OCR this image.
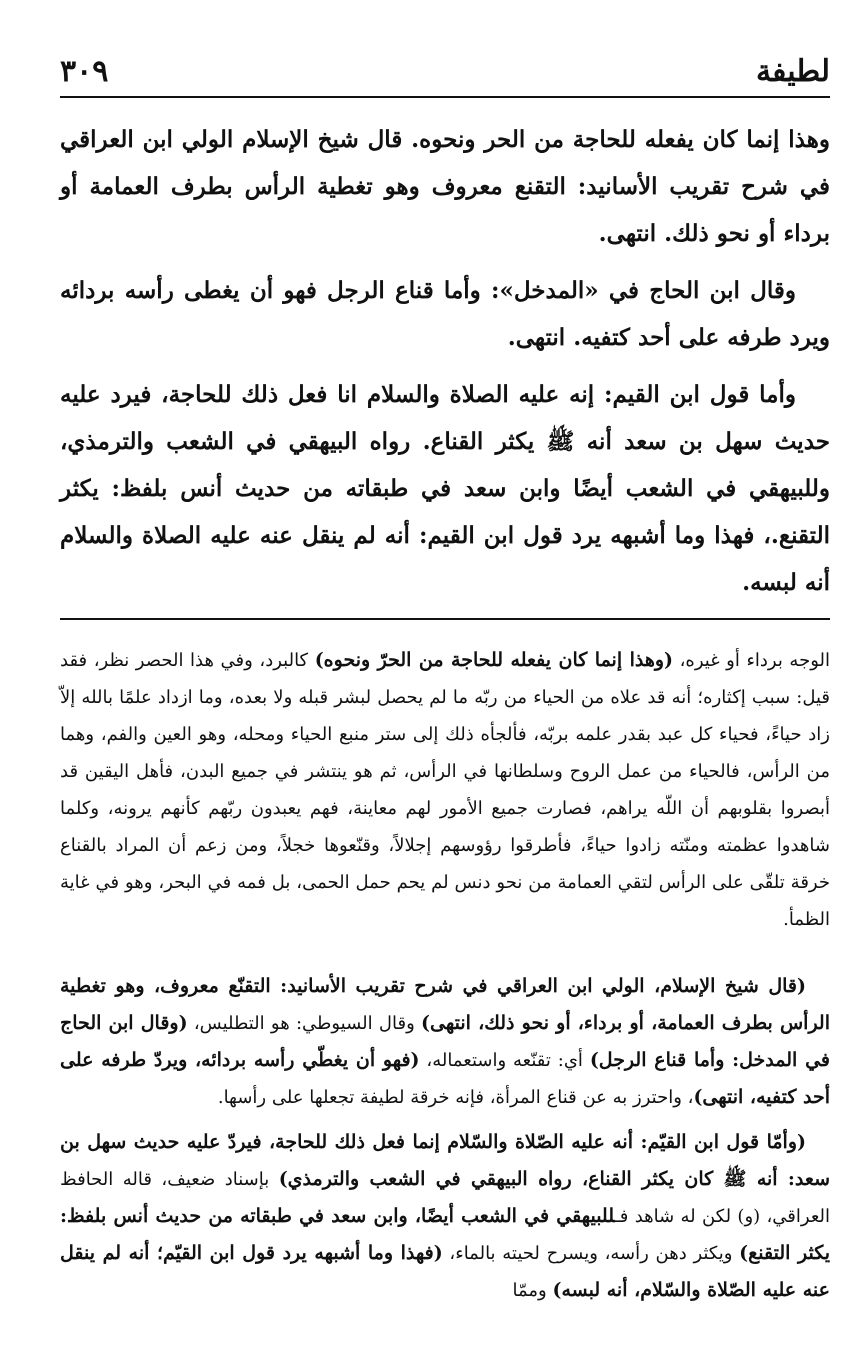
لطيفة
٣٠٩

وهذا إنما كان يفعله للحاجة من الحر ونحوه. قال شيخ الإسلام الولي ابن العراقي في شرح تقريب الأسانيد: التقنع معروف وهو تغطية الرأس بطرف العمامة أو برداء أو نحو ذلك. انتهى.

وقال ابن الحاج في «المدخل»: وأما قناع الرجل فهو أن يغطى رأسه بردائه ويرد طرفه على أحد كتفيه. انتهى.

وأما قول ابن القيم: إنه عليه الصلاة والسلام انا فعل ذلك للحاجة، فيرد عليه حديث سهل بن سعد أنه ﷺ يكثر القناع. رواه البيهقي في الشعب والترمذي، وللبيهقي في الشعب أيضًا وابن سعد في طبقاته من حديث أنس بلفظ: يكثر التقنع.، فهذا وما أشبهه يرد قول ابن القيم: أنه لم ينقل عنه عليه الصلاة والسلام أنه لبسه.

الوجه برداء أو غيره، (وهذا إنما كان يفعله للحاجة من الحرّ ونحوه) كالبرد، وفي هذا الحصر نظر، فقد قيل: سبب إكثاره؛ أنه قد علاه من الحياء من ربّه ما لم يحصل لبشر قبله ولا بعده، وما ازداد علمًا بالله إلاّ زاد حياءً، فحياء كل عبد بقدر علمه بربّه، فألجأه ذلك إلى ستر منبع الحياء ومحله، وهو العين والفم، وهما من الرأس، فالحياء من عمل الروح وسلطانها في الرأس، ثم هو ينتشر في جميع البدن، فأهل اليقين قد أبصروا بقلوبهم أن اللّه يراهم، فصارت جميع الأمور لهم معاينة، فهم يعبدون ربّهم كأنهم يرونه، وكلما شاهدوا عظمته ومنّته زادوا حياءً، فأطرقوا رؤوسهم إجلالاً، وقنّعوها خجلاً، ومن زعم أن المراد بالقناع خرقة تلقّى على الرأس لتقي العمامة من نحو دنس لم يحم حمل الحمى، بل فمه في البحر، وهو في غاية الظمأ.

(قال شيخ الإسلام، الولي ابن العراقي في شرح تقريب الأسانيد: التقنّع معروف، وهو تغطية الرأس بطرف العمامة، أو برداء، أو نحو ذلك، انتهى) وقال السيوطي: هو التطليس، (وقال ابن الحاج في المدخل: وأما قناع الرجل) أي: تقنّعه واستعماله، (فهو أن يغطّي رأسه بردائه، ويردّ طرفه على أحد كتفيه، انتهى)، واحترز به عن قناع المرأة، فإنه خرقة لطيفة تجعلها على رأسها.

(وأمّا قول ابن القيّم: أنه عليه الصّلاة والسّلام إنما فعل ذلك للحاجة، فيردّ عليه حديث سهل بن سعد: أنه ﷺ كان يكثر القناع، رواه البيهقي في الشعب والترمذي) بإسناد ضعيف، قاله الحافظ العراقي، (و) لكن له شاهد فـللبيهقي في الشعب أيضًا، وابن سعد في طبقاته من حديث أنس بلفظ: يكثر التقنع) ويكثر دهن رأسه، ويسرح لحيته بالماء، (فهذا وما أشبهه يرد قول ابن القيّم؛ أنه لم ينقل عنه عليه الصّلاة والسّلام، أنه لبسه) وممّا
